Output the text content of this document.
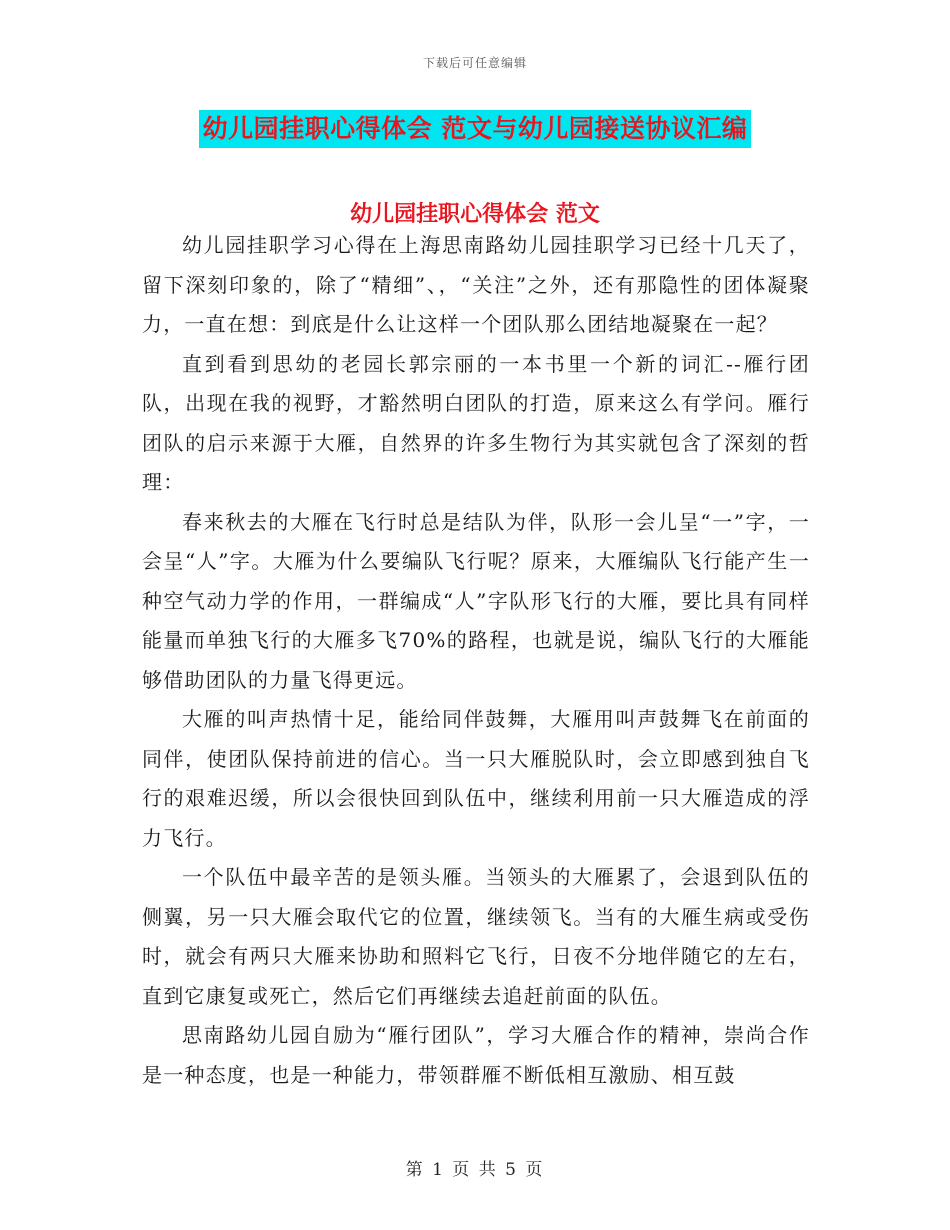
下载后可任意编辑
幼儿园挂职心得体会 范文与幼儿园接送协议汇编
幼儿园挂职心得体会 范文

幼儿园挂职学习心得在上海思南路幼儿园挂职学习已经十几天了，留下深刻印象的，除了“精细”、，“关注”之外，还有那隐性的团体凝聚力，一直在想：到底是什么让这样一个团队那么团结地凝聚在一起？

直到看到思幼的老园长郭宗丽的一本书里一个新的词汇--雁行团队，出现在我的视野，才豁然明白团队的打造，原来这么有学问。雁行团队的启示来源于大雁，自然界的许多生物行为其实就包含了深刻的哲理：

春来秋去的大雁在飞行时总是结队为伴，队形一会儿呈“一”字，一会呈“人”字。大雁为什么要编队飞行呢？原来，大雁编队飞行能产生一种空气动力学的作用，一群编成“人”字队形飞行的大雁，要比具有同样能量而单独飞行的大雁多飞70%的路程，也就是说，编队飞行的大雁能够借助团队的力量飞得更远。

大雁的叫声热情十足，能给同伴鼓舞，大雁用叫声鼓舞飞在前面的同伴，使团队保持前进的信心。当一只大雁脱队时，会立即感到独自飞行的艰难迟缓，所以会很快回到队伍中，继续利用前一只大雁造成的浮力飞行。

一个队伍中最辛苦的是领头雁。当领头的大雁累了，会退到队伍的侧翼，另一只大雁会取代它的位置，继续领飞。当有的大雁生病或受伤时，就会有两只大雁来协助和照料它飞行，日夜不分地伴随它的左右，直到它康复或死亡，然后它们再继续去追赶前面的队伍。

思南路幼儿园自励为“雁行团队”，学习大雁合作的精神，崇尚合作是一种态度，也是一种能力，带领群雁不断低相互激励、相互鼓

第 1 页 共 5 页
